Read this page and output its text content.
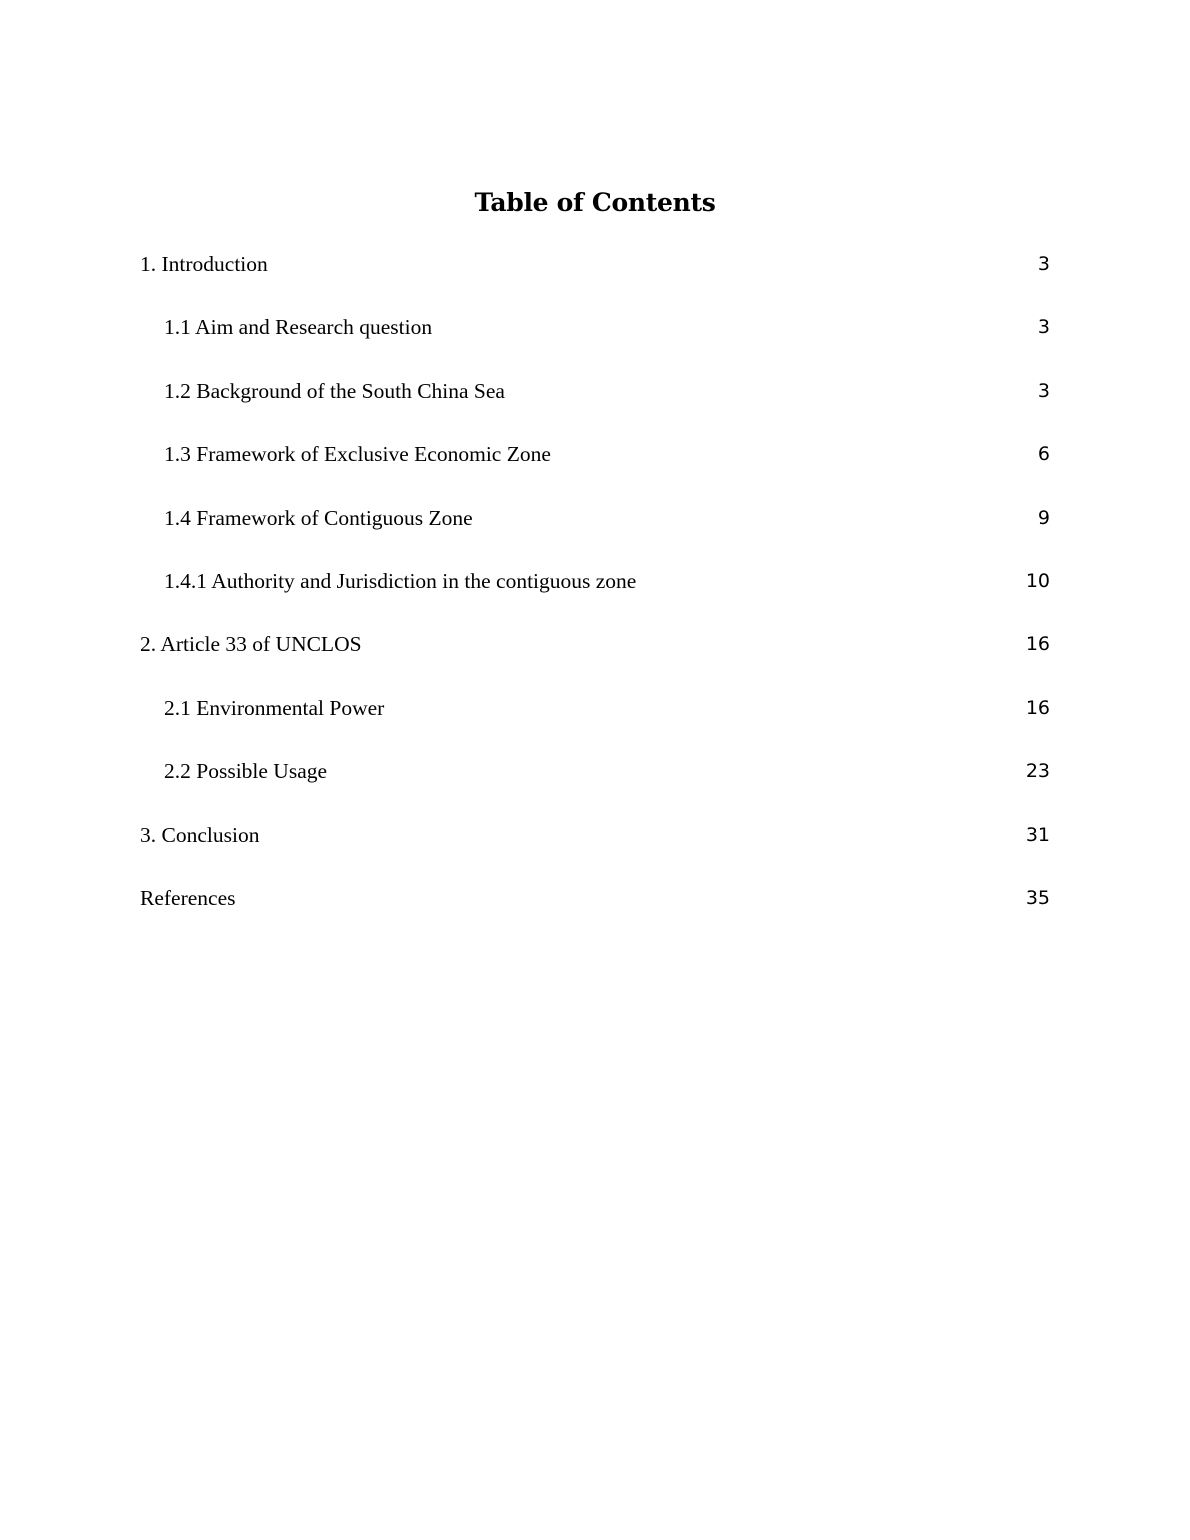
Table of Contents
1. Introduction	3
1.1 Aim and Research question	3
1.2 Background of the South China Sea	3
1.3 Framework of Exclusive Economic Zone	6
1.4 Framework of Contiguous Zone	9
1.4.1 Authority and Jurisdiction in the contiguous zone	10
2. Article 33 of UNCLOS	16
2.1 Environmental Power	16
2.2 Possible Usage	23
3. Conclusion	31
References	35
